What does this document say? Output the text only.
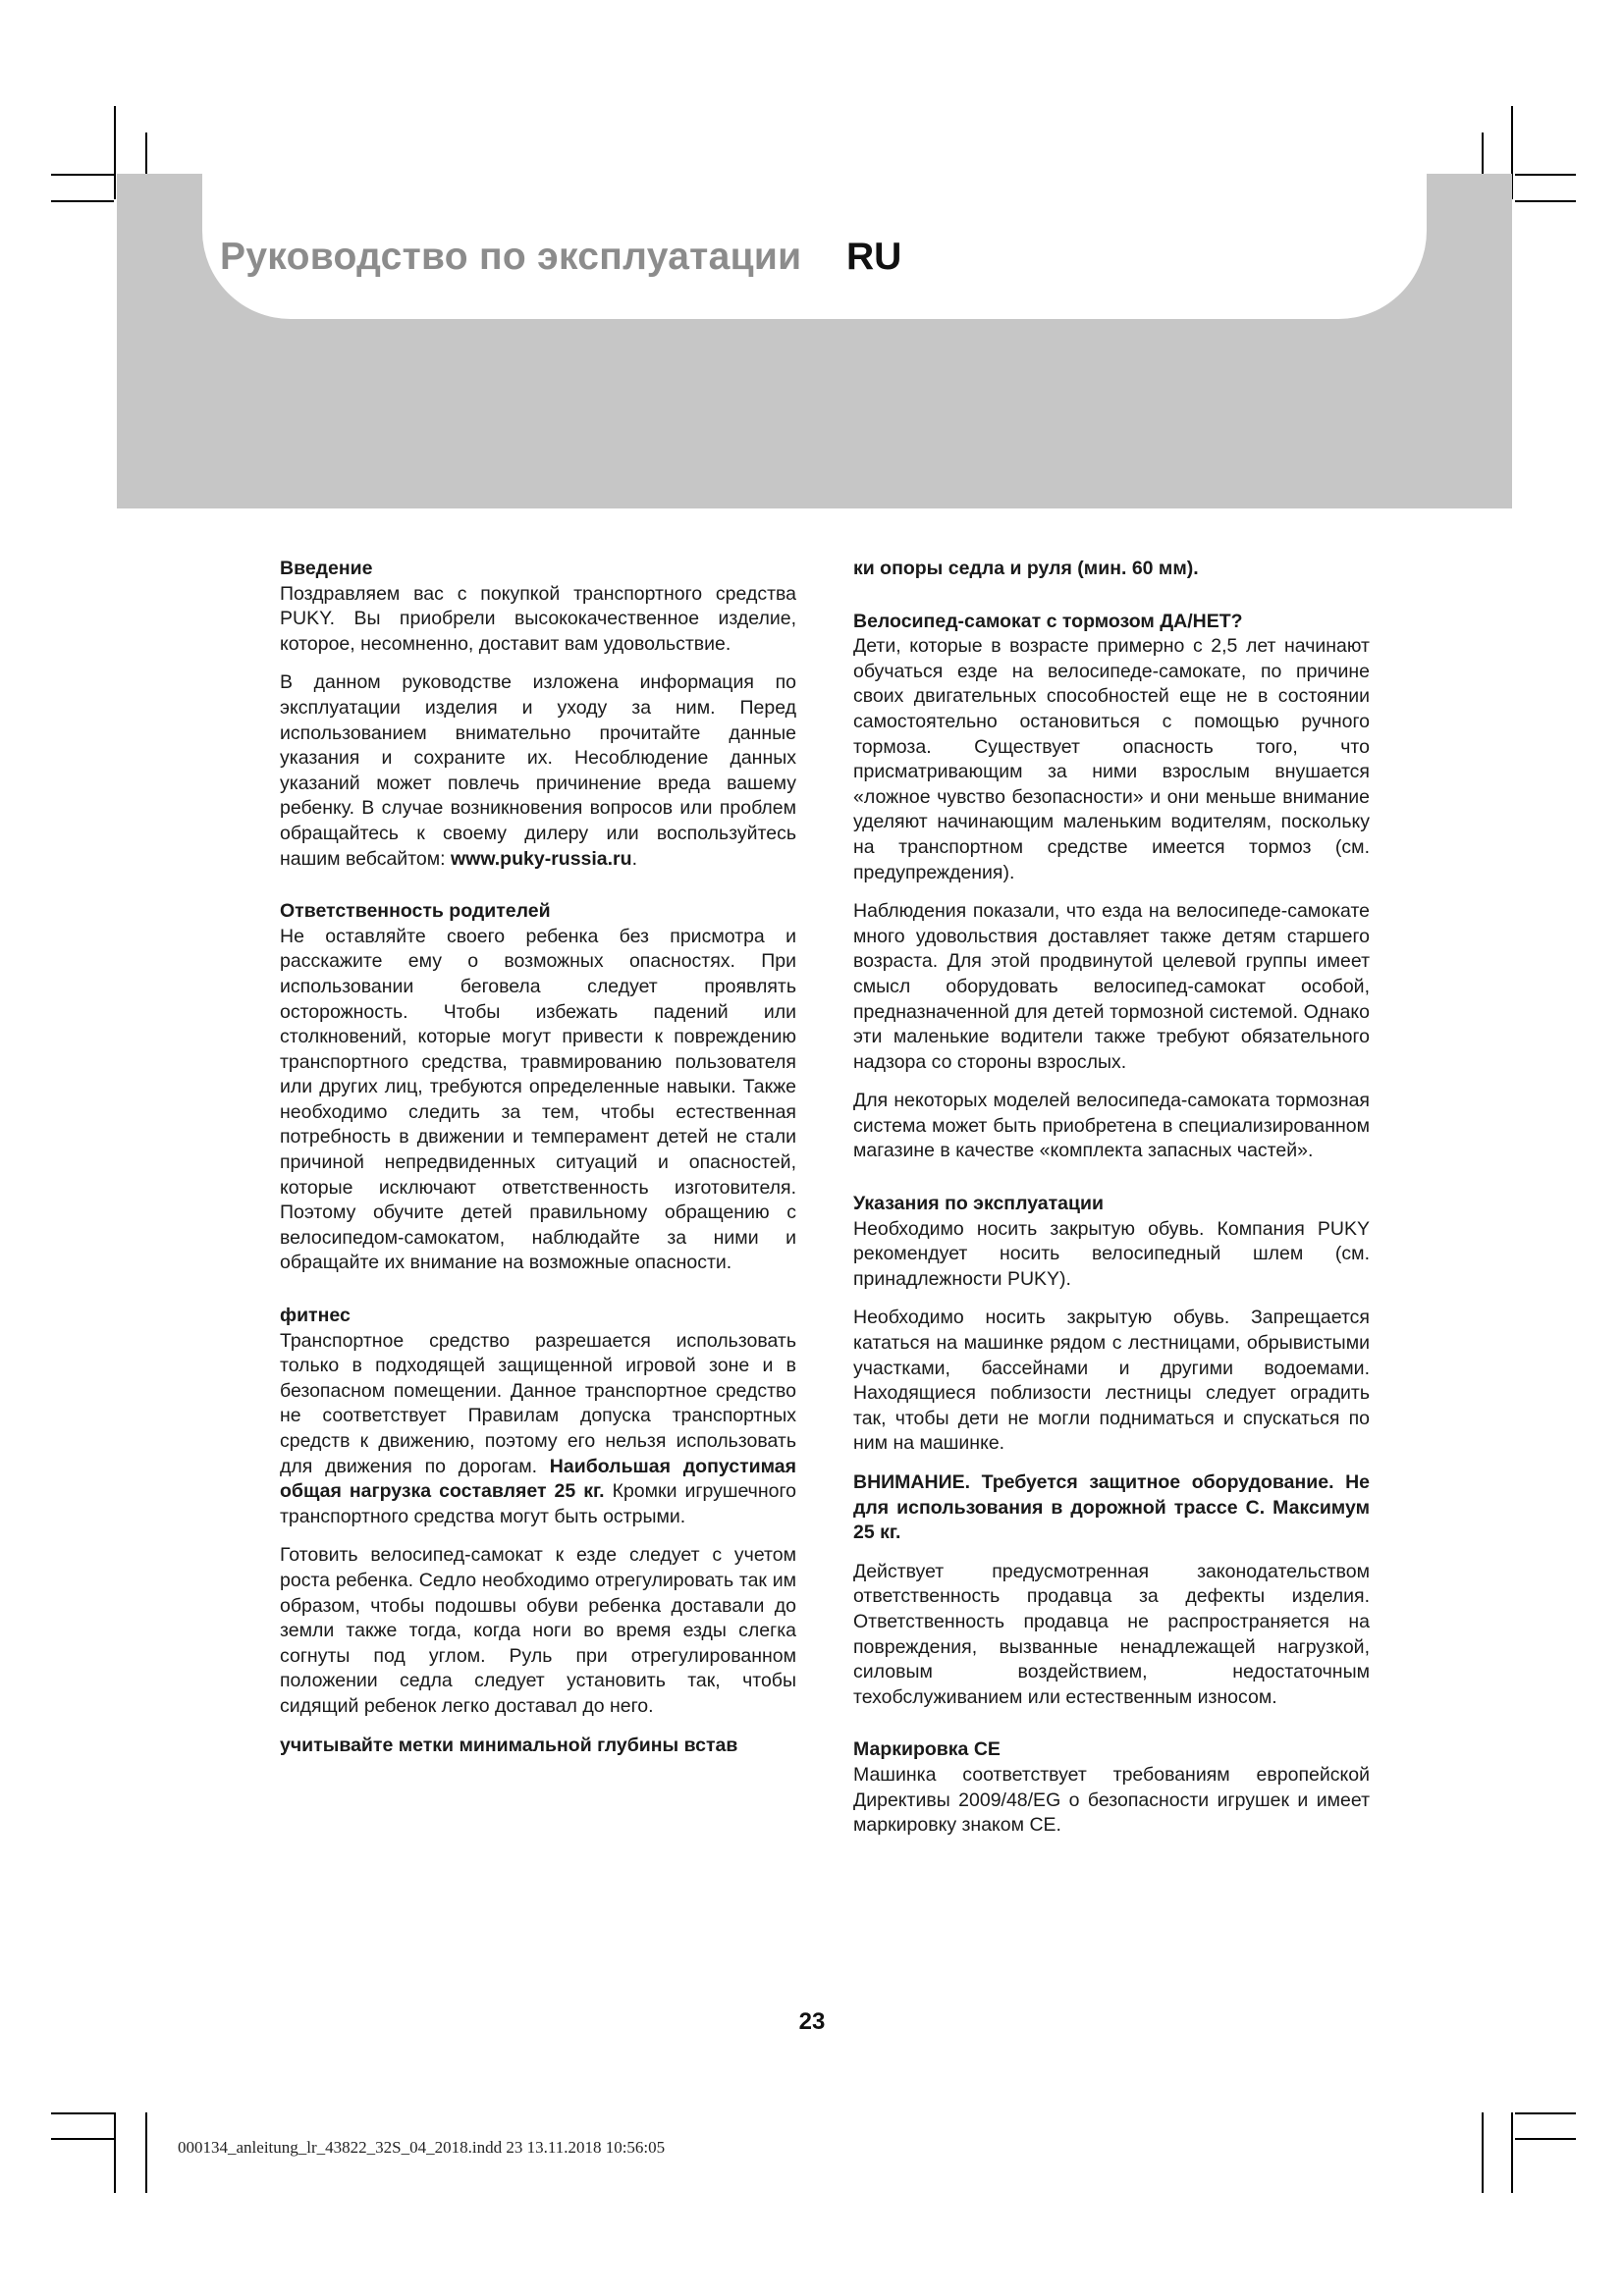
Руководство по эксплуатации RU

Введение

Поздравляем вас с покупкой транспортного средства PUKY. Вы приобрели высококачественное изделие, которое, несомненно, доставит вам удовольствие.

В данном руководстве изложена информация по эксплуатации изделия и уходу за ним. Перед использованием внимательно прочитайте данные указания и сохраните их. Несоблюдение данных указаний может повлечь причинение вреда вашему ребенку. В случае возникновения вопросов или проблем обращайтесь к своему дилеру или воспользуйтесь нашим вебсайтом: www.puky-russia.ru.

Ответственность родителей

Не оставляйте своего ребенка без присмотра и расскажите ему о возможных опасностях. При использовании беговела следует проявлять осторожность. Чтобы избежать падений или столкновений, которые могут привести к повреждению транспортного средства, травмированию пользователя или других лиц, требуются определенные навыки. Также необходимо следить за тем, чтобы естественная потребность в движении и темперамент детей не стали причиной непредвиденных ситуаций и опасностей, которые исключают ответственность изготовителя. Поэтому обучите детей правильному обращению с велосипедом-самокатом, наблюдайте за ними и обращайте их внимание на возможные опасности.

фитнес

Транспортное средство разрешается использовать только в подходящей защищенной игровой зоне и в безопасном помещении. Данное транспортное средство не соответствует Правилам допуска транспортных средств к движению, поэтому его нельзя использовать для движения по дорогам. Наибольшая допустимая общая нагрузка составляет 25 кг. Кромки игрушечного транспортного средства могут быть острыми.

Готовить велосипед-самокат к езде следует с учетом роста ребенка. Седло необходимо отрегулировать так им образом, чтобы подошвы обуви ребенка доставали до земли также тогда, когда ноги во время езды слегка согнуты под углом. Руль при отрегулированном положении седла следует установить так, чтобы сидящий ребенок легко доставал до него.

учитывайте метки минимальной глубины встав

ки опоры седла и руля (мин. 60 мм).

Велосипед-самокат с тормозом ДА/НЕТ?

Дети, которые в возрасте примерно с 2,5 лет начинают обучаться езде на велосипеде-самокате, по причине своих двигательных способностей еще не в состоянии самостоятельно остановиться с помощью ручного тормоза. Существует опасность того, что присматривающим за ними взрослым внушается «ложное чувство безопасности» и они меньше внимание уделяют начинающим маленьким водителям, поскольку на транспортном средстве имеется тормоз (см. предупреждения).

Наблюдения показали, что езда на велосипеде-самокате много удовольствия доставляет также детям старшего возраста. Для этой продвинутой целевой группы имеет смысл оборудовать велосипед-самокат особой, предназначенной для детей тормозной системой. Однако эти маленькие водители также требуют обязательного надзора со стороны взрослых.

Для некоторых моделей велосипеда-самоката тормозная система может быть приобретена в специализированном магазине в качестве «комплекта запасных частей».

Указания по эксплуатации

Необходимо носить закрытую обувь. Компания PUKY рекомендует носить велосипедный шлем (см. принадлежности PUKY).

Необходимо носить закрытую обувь. Запрещается кататься на машинке рядом с лестницами, обрывистыми участками, бассейнами и другими водоемами. Находящиеся поблизости лестницы следует оградить так, чтобы дети не могли подниматься и спускаться по ним на машинке.

ВНИМАНИЕ. Требуется защитное оборудование. Не для использования в дорожной трассе С. Максимум 25 кг.

Действует предусмотренная законодательством ответственность продавца за дефекты изделия. Ответственность продавца не распространяется на повреждения, вызванные ненадлежащей нагрузкой, силовым воздействием, недостаточным техобслуживанием или естественным износом.

Маркировка CE

Машинка соответствует требованиям европейской Директивы 2009/48/EG о безопасности игрушек и имеет маркировку знаком CE.

23
000134_anleitung_lr_43822_32S_04_2018.indd 23 13.11.2018 10:56:05
